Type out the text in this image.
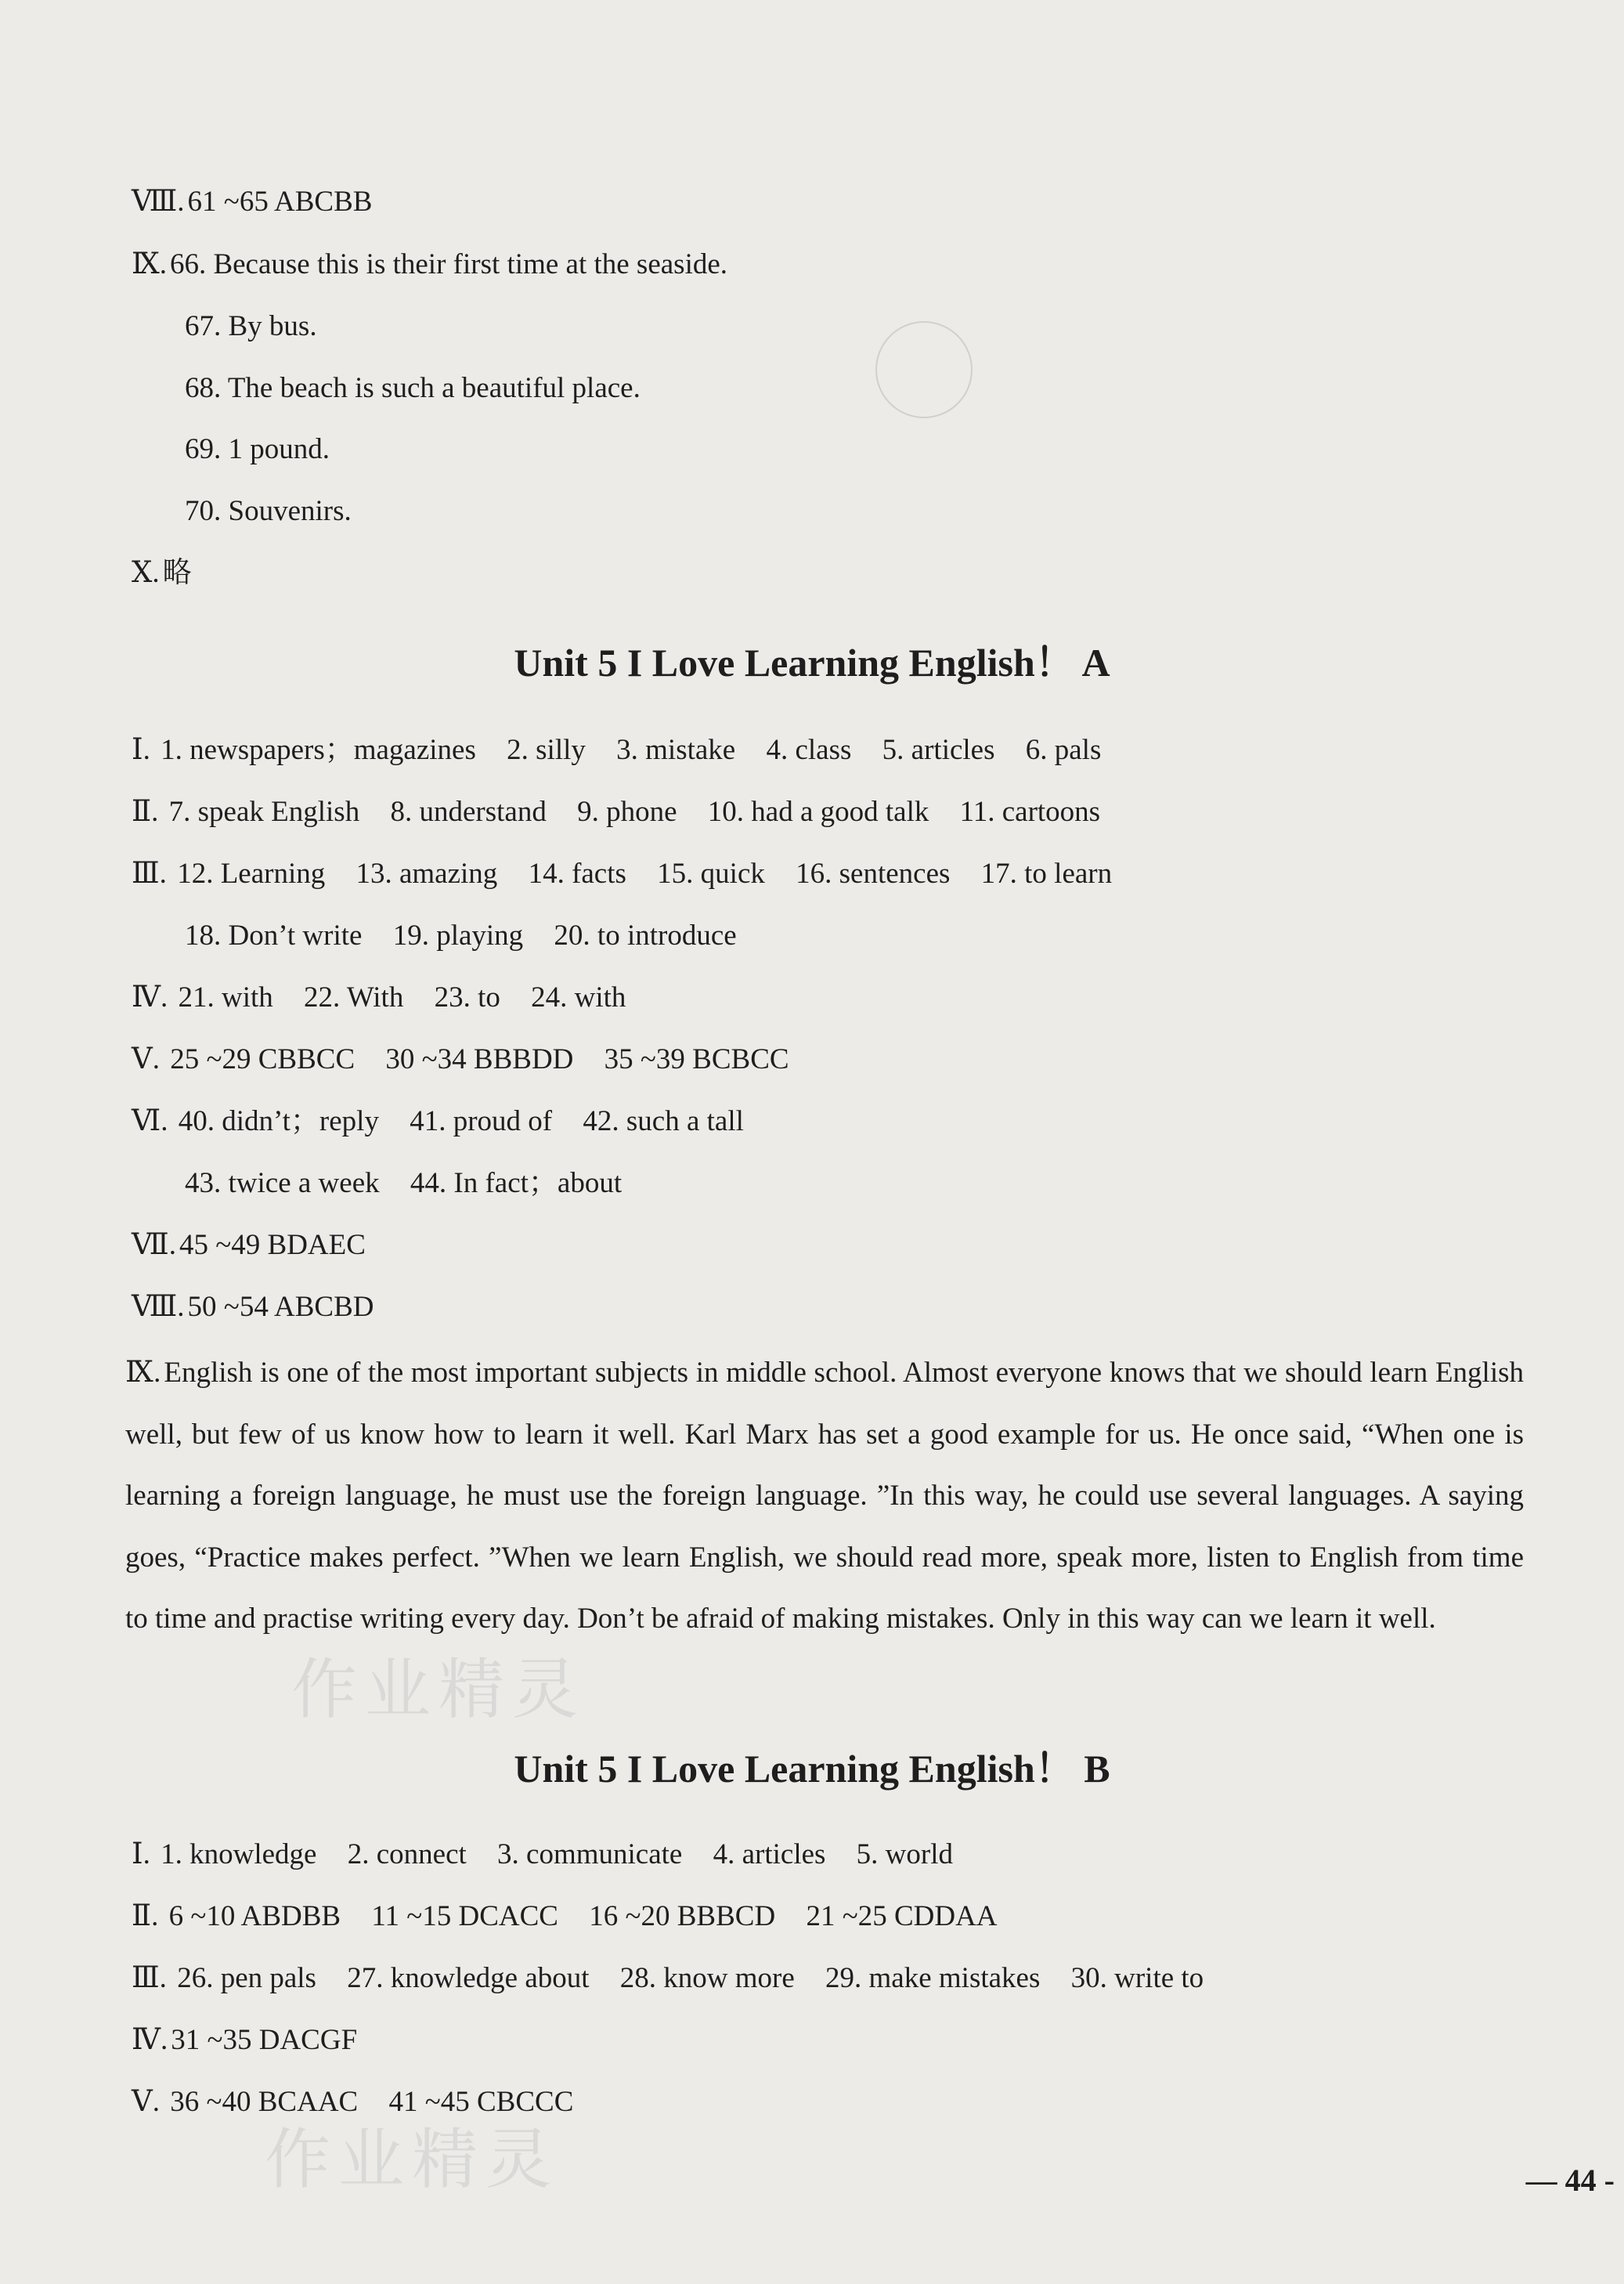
Ⅷ. 61 ~65 ABCBB
Ⅸ. 66. Because this is their first time at the seaside.
67. By bus.
68. The beach is such a beautiful place.
69. 1 pound.
70. Souvenirs.
Ⅹ. 略
Unit 5 I Love Learning English！ A
Ⅰ. 1. newspapers；magazines 2. silly 3. mistake 4. class 5. articles 6. pals
Ⅱ. 7. speak English 8. understand 9. phone 10. had a good talk 11. cartoons
Ⅲ. 12. Learning 13. amazing 14. facts 15. quick 16. sentences 17. to learn
18. Don’t write 19. playing 20. to introduce
Ⅳ. 21. with 22. With 23. to 24. with
Ⅴ. 25 ~29 CBBCC 30 ~34 BBBDD 35 ~39 BCBCC
Ⅵ. 40. didn’t；reply 41. proud of 42. such a tall
43. twice a week 44. In fact；about
Ⅶ. 45 ~49 BDAEC
Ⅷ. 50 ~54 ABCBD
Ⅸ. English is one of the most important subjects in middle school. Almost everyone knows that we should learn English well, but few of us know how to learn it well. Karl Marx has set a good example for us. He once said, “When one is learning a foreign language, he must use the foreign language. ”In this way, he could use several languages. A saying goes, “Practice makes perfect. ”When we learn English, we should read more, speak more, listen to English from time to time and practise writing every day. Don’t be afraid of making mistakes. Only in this way can we learn it well.
作业精灵
Unit 5 I Love Learning English！ B
Ⅰ. 1. knowledge 2. connect 3. communicate 4. articles 5. world
Ⅱ. 6 ~10 ABDBB 11 ~15 DCACC 16 ~20 BBBCD 21 ~25 CDDAA
Ⅲ. 26. pen pals 27. knowledge about 28. know more 29. make mistakes 30. write to
Ⅳ. 31 ~35 DACGF
Ⅴ. 36 ~40 BCAAC 41 ~45 CBCCC
作业精灵	— 44 -
